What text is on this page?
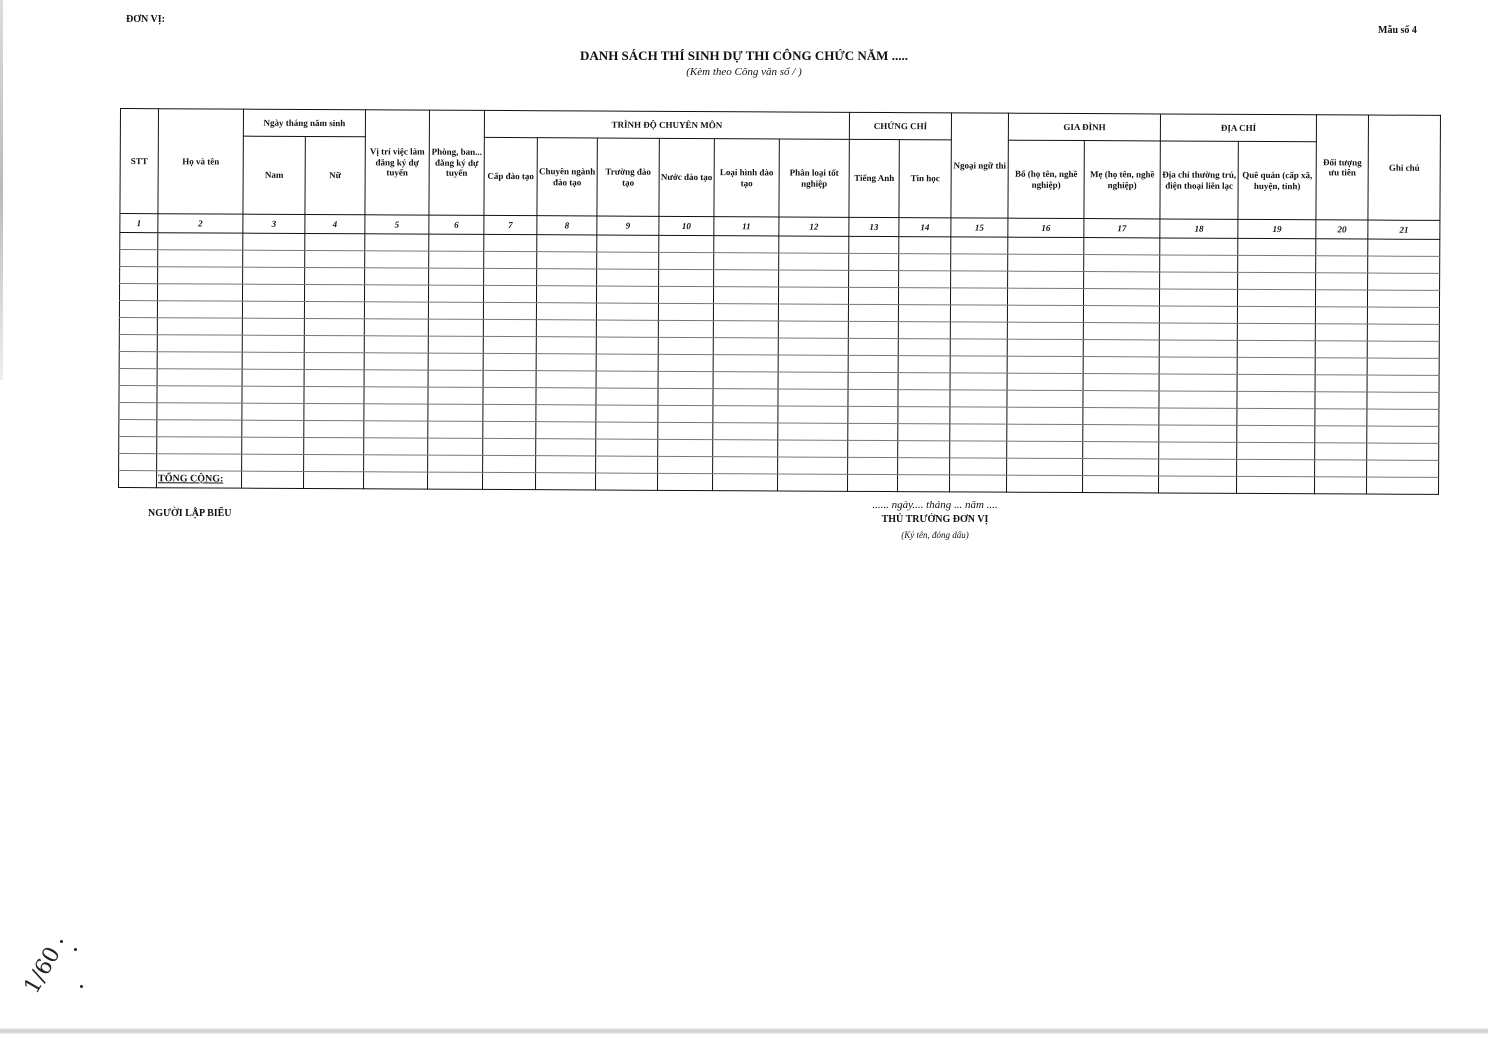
ĐƠN VỊ:
Mẫu số 4
DANH SÁCH THÍ SINH DỰ THI CÔNG CHỨC NĂM .....
(Kèm theo Công văn số / )
STT	Họ và tên	Ngày tháng năm sinh		Vị trí việc làm đăng ký dự tuyển	Phòng, ban... đăng ký dự tuyển	TRÌNH ĐỘ CHUYÊN MÔN						CHỨNG CHỈ		Ngoại ngữ thi	GIA ĐÌNH		ĐỊA CHỈ		Đối tượng ưu tiên	Ghi chú
		Nam	Nữ			Cấp đào tạo	Chuyên ngành đào tạo	Trường đào tạo	Nước đào tạo	Loại hình đào tạo	Phân loại tốt nghiệp	Tiếng Anh	Tin học		Bố (họ tên, nghề nghiệp)	Mẹ (họ tên, nghề nghiệp)	Địa chỉ thường trú, điện thoại liên lạc	Quê quán (cấp xã, huyện, tỉnh)		
1	2	3	4	5	6	7	8	9	10	11	12	13	14	15	16	17	18	19	20	21

	TỔNG CỘNG:																			
NGƯỜI LẬP BIỂU
...... ngày.... tháng ... năm ....
THỦ TRƯỞNG ĐƠN VỊ
(Ký tên, đóng dấu)
1/60
